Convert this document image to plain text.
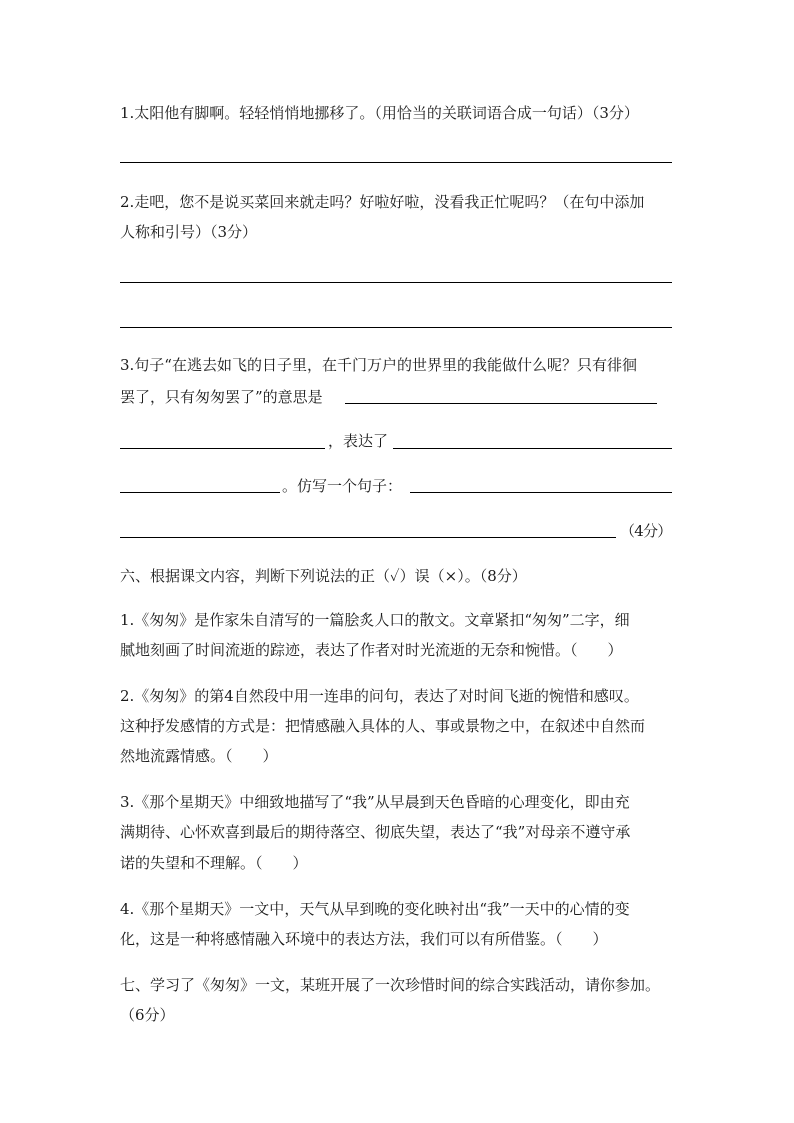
1.太阳他有脚啊。轻轻悄悄地挪移了。（用恰当的关联词语合成一句话）（3分）
2.走吧，您不是说买菜回来就走吗？好啦好啦，没看我正忙呢吗？（在句中添加
人称和引号）（3分）
3.句子“在逃去如飞的日子里，在千门万户的世界里的我能做什么呢？只有徘徊
罢了，只有匆匆罢了”的意思是
，表达了
。仿写一个句子：
（4分）
六、根据课文内容，判断下列说法的正（✓）误（×）。（8分）
1.《匆匆》是作家朱自清写的一篇脍炙人口的散文。文章紧扣“匆匆”二字，细
腻地刻画了时间流逝的踪迹，表达了作者对时光流逝的无奈和惋惜。（　　）
2.《匆匆》的第4自然段中用一连串的问句，表达了对时间飞逝的惋惜和感叹。
这种抒发感情的方式是：把情感融入具体的人、事或景物之中，在叙述中自然而
然地流露情感。（　　）
3.《那个星期天》中细致地描写了“我”从早晨到天色昏暗的心理变化，即由充
满期待、心怀欢喜到最后的期待落空、彻底失望，表达了“我”对母亲不遵守承
诺的失望和不理解。（　　）
4.《那个星期天》一文中，天气从早到晚的变化映衬出“我”一天中的心情的变
化，这是一种将感情融入环境中的表达方法，我们可以有所借鉴。（　　）
七、学习了《匆匆》一文，某班开展了一次珍惜时间的综合实践活动，请你参加。
（6分）
